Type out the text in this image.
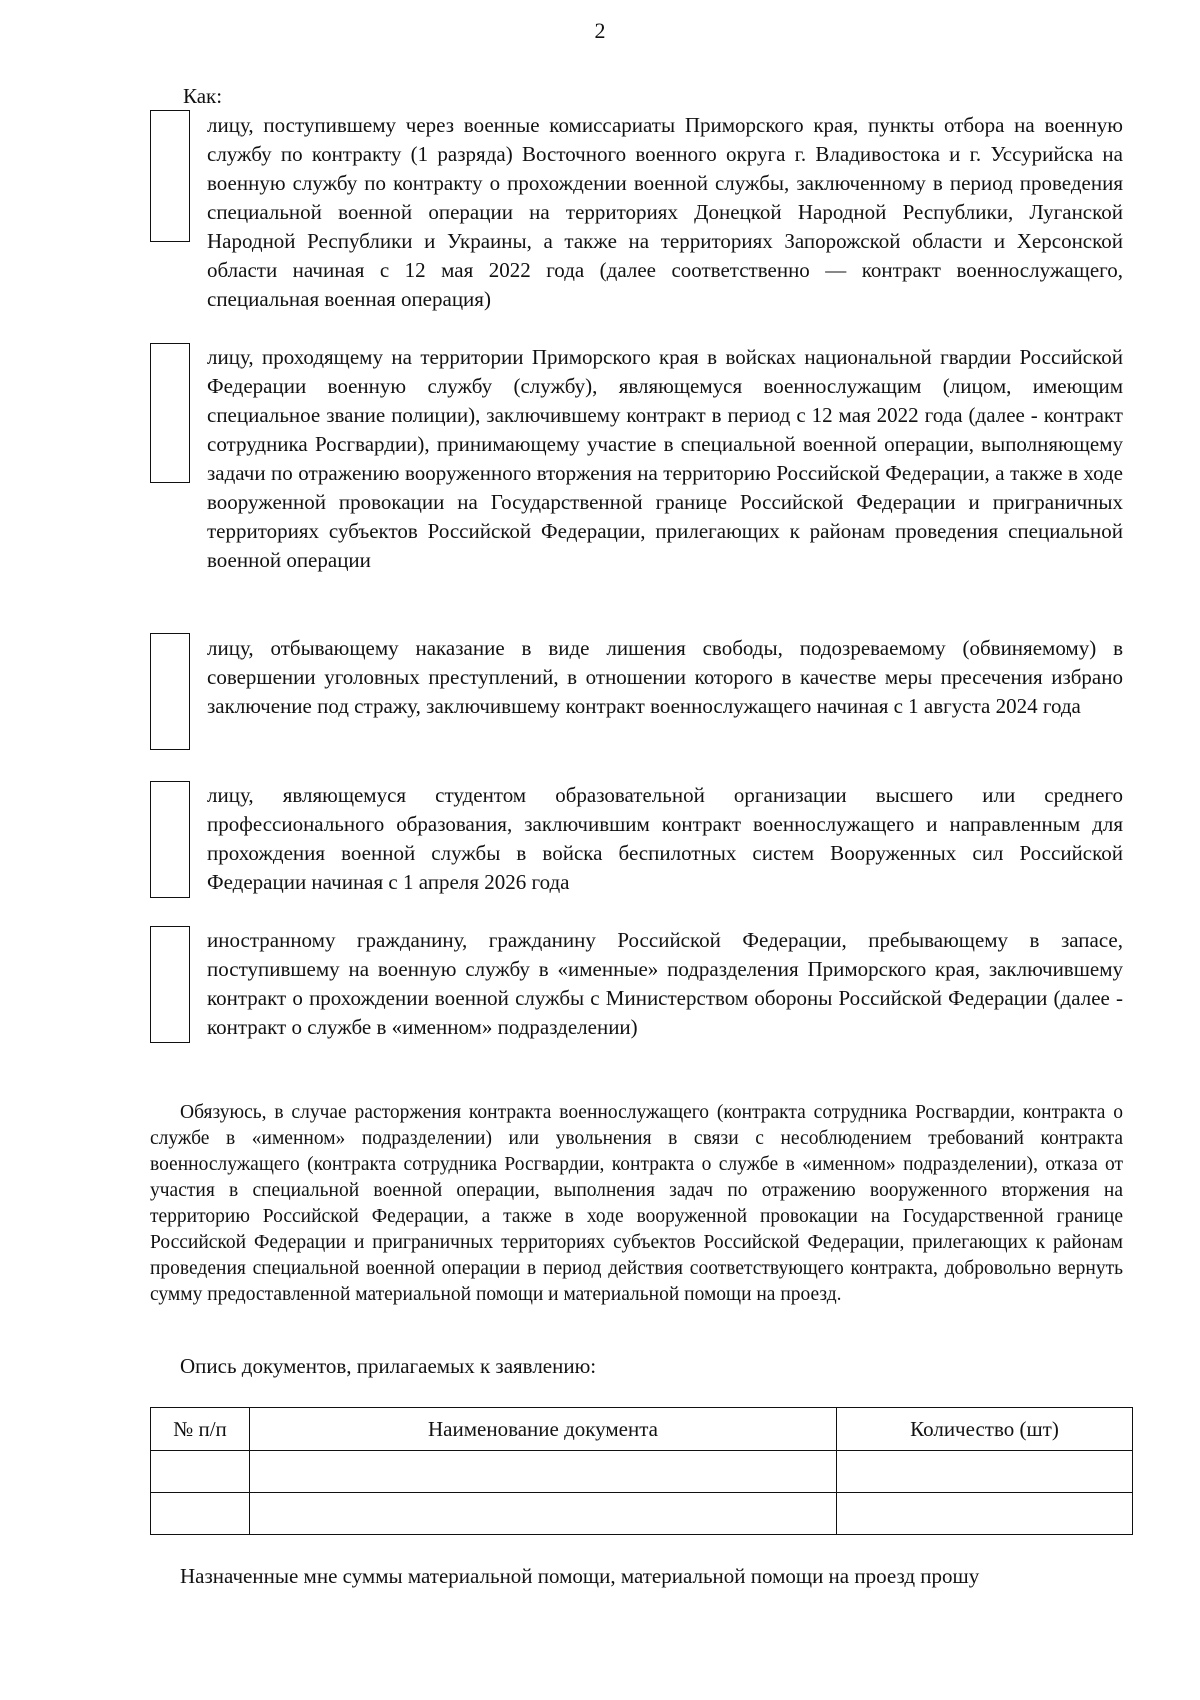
2
Как:
лицу, поступившему через военные комиссариаты Приморского края, пункты отбора на военную службу по контракту (1 разряда) Восточного военного округа г. Владивостока и г. Уссурийска на военную службу по контракту о прохождении военной службы, заключенному в период проведения специальной военной операции на территориях Донецкой Народной Республики, Луганской Народной Республики и Украины, а также на территориях Запорожской области и Херсонской области начиная с 12 мая 2022 года (далее соответственно — контракт военнослужащего, специальная военная операция)
лицу, проходящему на территории Приморского края в войсках национальной гвардии Российской Федерации военную службу (службу), являющемуся военнослужащим (лицом, имеющим специальное звание полиции), заключившему контракт в период с 12 мая 2022 года (далее - контракт сотрудника Росгвардии), принимающему участие в специальной военной операции, выполняющему задачи по отражению вооруженного вторжения на территорию Российской Федерации, а также в ходе вооруженной провокации на Государственной границе Российской Федерации и приграничных территориях субъектов Российской Федерации, прилегающих к районам проведения специальной военной операции
лицу, отбывающему наказание в виде лишения свободы, подозреваемому (обвиняемому) в совершении уголовных преступлений, в отношении которого в качестве меры пресечения избрано заключение под стражу, заключившему контракт военнослужащего начиная с 1 августа 2024 года
лицу, являющемуся студентом образовательной организации высшего или среднего профессионального образования, заключившим контракт военнослужащего и направленным для прохождения военной службы в войска беспилотных систем Вооруженных сил Российской Федерации начиная с 1 апреля 2026 года
иностранному гражданину, гражданину Российской Федерации, пребывающему в запасе, поступившему на военную службу в «именные» подразделения Приморского края, заключившему контракт о прохождении военной службы с Министерством обороны Российской Федерации (далее - контракт о службе в «именном» подразделении)
Обязуюсь, в случае расторжения контракта военнослужащего (контракта сотрудника Росгвардии, контракта о службе в «именном» подразделении) или увольнения в связи с несоблюдением требований контракта военнослужащего (контракта сотрудника Росгвардии, контракта о службе в «именном» подразделении), отказа от участия в специальной военной операции, выполнения задач по отражению вооруженного вторжения на территорию Российской Федерации, а также в ходе вооруженной провокации на Государственной границе Российской Федерации и приграничных территориях субъектов Российской Федерации, прилегающих к районам проведения специальной военной операции в период действия соответствующего контракта, добровольно вернуть сумму предоставленной материальной помощи и материальной помощи на проезд.
Опись документов, прилагаемых к заявлению:
№ п/п	Наименование документа	Количество (шт)

Назначенные мне суммы материальной помощи, материальной помощи на проезд прошу
